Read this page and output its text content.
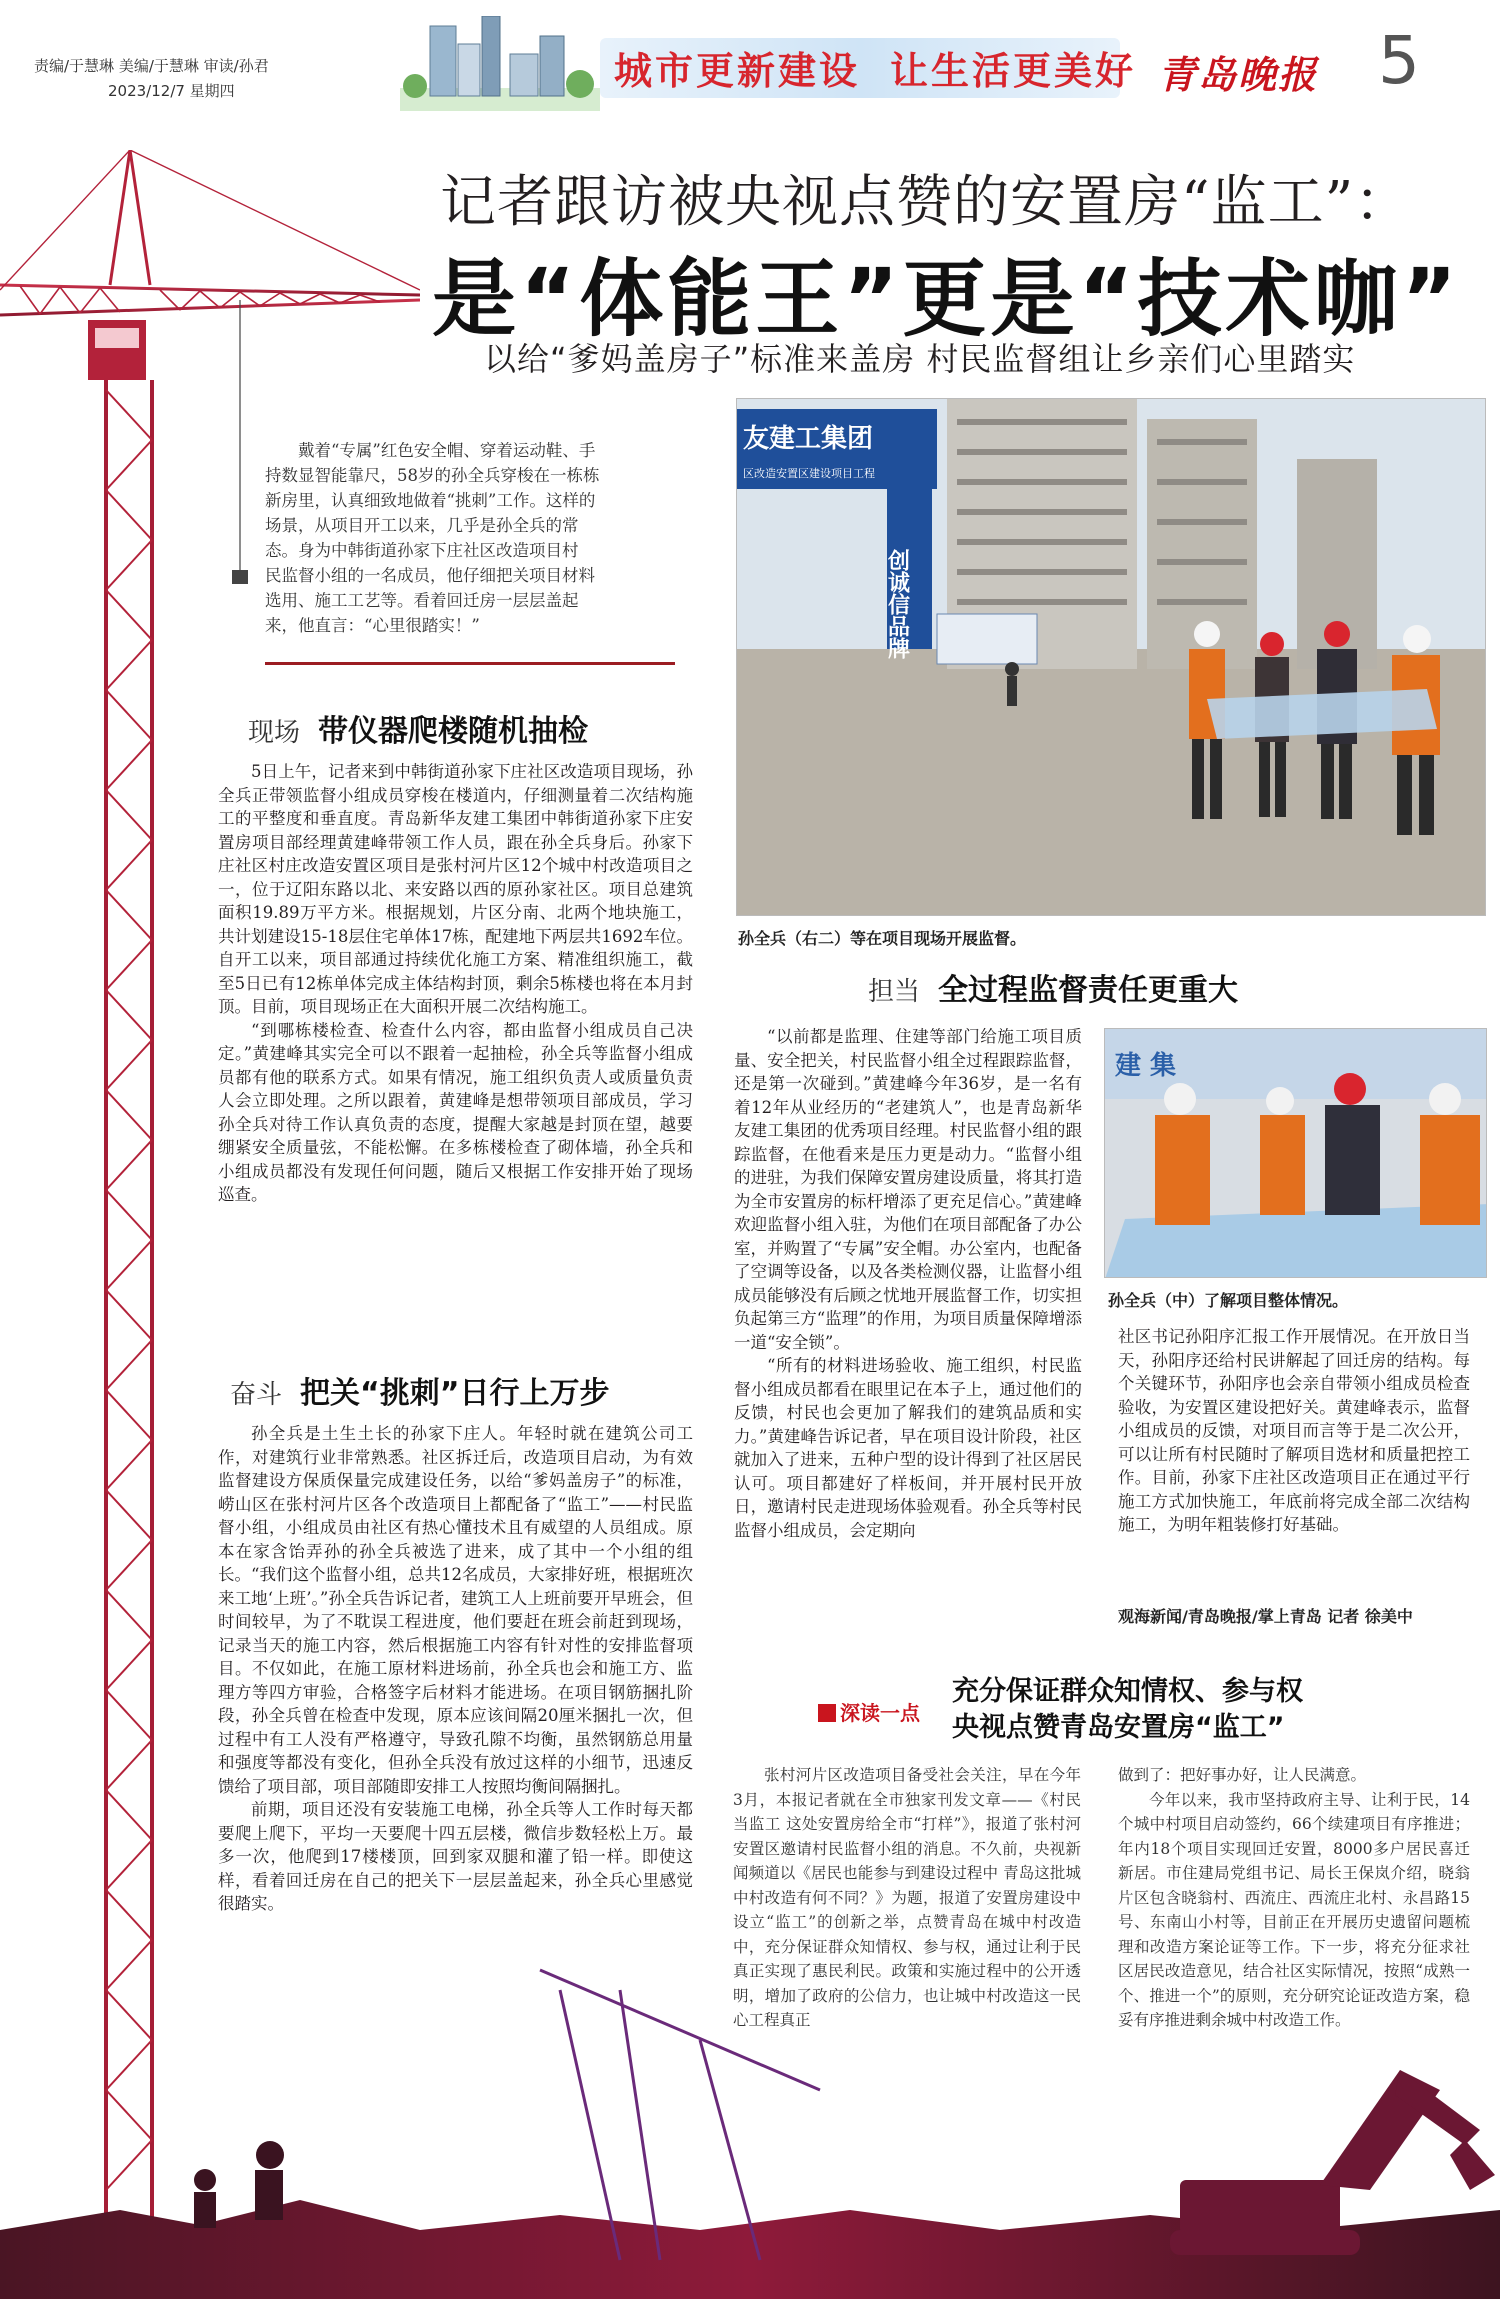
责编/于慧琳 美编/于慧琳 审读/孙君
2023/12/7 星期四	城市更新建设 让生活更美好 青岛晚报 5
记者跟访被央视点赞的安置房“监工”：
是“体能王”更是“技术咖”
以给“爹妈盖房子”标准来盖房 村民监督组让乡亲们心里踏实
戴着“专属”红色安全帽、穿着运动鞋、手
持数显智能靠尺，58岁的孙全兵穿梭在一栋栋
新房里，认真细致地做着“挑刺”工作。这样的
场景，从项目开工以来，几乎是孙全兵的常
态。身为中韩街道孙家下庄社区改造项目村
民监督小组的一名成员，他仔细把关项目材料
选用、施工工艺等。看着回迁房一层层盖起
来，他直言：“心里很踏实！”
现场 带仪器爬楼随机抽检

5日上午，记者来到中韩街道孙家下庄社区改造项目现场，孙全兵正带领监督小组成员穿梭在楼道内，仔细测量着二次结构施工的平整度和垂直度。青岛新华友建工集团中韩街道孙家下庄安置房项目部经理黄建峰带领工作人员，跟在孙全兵身后。孙家下庄社区村庄改造安置区项目是张村河片区12个城中村改造项目之一，位于辽阳东路以北、来安路以西的原孙家社区。项目总建筑面积19.89万平方米。根据规划，片区分南、北两个地块施工，共计划建设15-18层住宅单体17栋，配建地下两层共1692车位。自开工以来，项目部通过持续优化施工方案、精准组织施工，截至5日已有12栋单体完成主体结构封顶，剩余5栋楼也将在本月封顶。目前，项目现场正在大面积开展二次结构施工。

“到哪栋楼检查、检查什么内容，都由监督小组成员自己决定。”黄建峰其实完全可以不跟着一起抽检，孙全兵等监督小组成员都有他的联系方式。如果有情况，施工组织负责人或质量负责人会立即处理。之所以跟着，黄建峰是想带领项目部成员，学习孙全兵对待工作认真负责的态度，提醒大家越是封顶在望，越要绷紧安全质量弦，不能松懈。在多栋楼检查了砌体墙，孙全兵和小组成员都没有发现任何问题，随后又根据工作安排开始了现场巡查。

奋斗 把关“挑刺”日行上万步

孙全兵是土生土长的孙家下庄人。年轻时就在建筑公司工作，对建筑行业非常熟悉。社区拆迁后，改造项目启动，为有效监督建设方保质保量完成建设任务，以给“爹妈盖房子”的标准，崂山区在张村河片区各个改造项目上都配备了“监工”——村民监督小组，小组成员由社区有热心懂技术且有威望的人员组成。原本在家含饴弄孙的孙全兵被选了进来，成了其中一个小组的组长。“我们这个监督小组，总共12名成员，大家排好班，根据班次来工地‘上班’。”孙全兵告诉记者，建筑工人上班前要开早班会，但时间较早，为了不耽误工程进度，他们要赶在班会前赶到现场，记录当天的施工内容，然后根据施工内容有针对性的安排监督项目。不仅如此，在施工原材料进场前，孙全兵也会和施工方、监理方等四方审验，合格签字后材料才能进场。在项目钢筋捆扎阶段，孙全兵曾在检查中发现，原本应该间隔20厘米捆扎一次，但过程中有工人没有严格遵守，导致孔隙不均衡，虽然钢筋总用量和强度等都没有变化，但孙全兵没有放过这样的小细节，迅速反馈给了项目部，项目部随即安排工人按照均衡间隔捆扎。

前期，项目还没有安装施工电梯，孙全兵等人工作时每天都要爬上爬下，平均一天要爬十四五层楼，微信步数轻松上万。最多一次，他爬到17楼楼顶，回到家双腿和灌了铅一样。即使这样，看着回迁房在自己的把关下一层层盖起来，孙全兵心里感觉很踏实。

友建工集团
区改造安置区建设项目工程
创诚信品牌
孙全兵（右二）等在项目现场开展监督。
担当 全过程监督责任更重大

“以前都是监理、住建等部门给施工项目质量、安全把关，村民监督小组全过程跟踪监督，还是第一次碰到。”黄建峰今年36岁，是一名有着12年从业经历的“老建筑人”，也是青岛新华友建工集团的优秀项目经理。村民监督小组的跟踪监督，在他看来是压力更是动力。“监督小组的进驻，为我们保障安置房建设质量，将其打造为全市安置房的标杆增添了更充足信心。”黄建峰欢迎监督小组入驻，为他们在项目部配备了办公室，并购置了“专属”安全帽。办公室内，也配备了空调等设备，以及各类检测仪器，让监督小组成员能够没有后顾之忧地开展监督工作，切实担负起第三方“监理”的作用，为项目质量保障增添一道“安全锁”。

“所有的材料进场验收、施工组织，村民监督小组成员都看在眼里记在本子上，通过他们的反馈，村民也会更加了解我们的建筑品质和实力。”黄建峰告诉记者，早在项目设计阶段，社区就加入了进来，五种户型的设计得到了社区居民认可。项目都建好了样板间，并开展村民开放日，邀请村民走进现场体验观看。孙全兵等村民监督小组成员，会定期向

建 集
孙全兵（中）了解项目整体情况。

社区书记孙阳序汇报工作开展情况。在开放日当天，孙阳序还给村民讲解起了回迁房的结构。每个关键环节，孙阳序也会亲自带领小组成员检查验收，为安置区建设把好关。黄建峰表示，监督小组成员的反馈，对项目而言等于是二次公开，可以让所有村民随时了解项目选材和质量把控工作。目前，孙家下庄社区改造项目正在通过平行施工方式加快施工，年底前将完成全部二次结构施工，为明年粗装修打好基础。

观海新闻/青岛晚报/掌上青岛 记者 徐美中
深读一点
充分保证群众知情权、参与权
央视点赞青岛安置房“监工”

张村河片区改造项目备受社会关注，早在今年3月，本报记者就在全市独家刊发文章——《村民当监工 这处安置房给全市“打样”》，报道了张村河安置区邀请村民监督小组的消息。不久前，央视新闻频道以《居民也能参与到建设过程中 青岛这批城中村改造有何不同？》为题，报道了安置房建设中设立“监工”的创新之举，点赞青岛在城中村改造中，充分保证群众知情权、参与权，通过让利于民真正实现了惠民利民。政策和实施过程中的公开透明，增加了政府的公信力，也让城中村改造这一民心工程真正

做到了：把好事办好，让人民满意。

今年以来，我市坚持政府主导、让利于民，14个城中村项目启动签约，66个续建项目有序推进；年内18个项目实现回迁安置，8000多户居民喜迁新居。市住建局党组书记、局长王保岚介绍，晓翁片区包含晓翁村、西流庄、西流庄北村、永昌路15号、东南山小村等，目前正在开展历史遗留问题梳理和改造方案论证等工作。下一步，将充分征求社区居民改造意见，结合社区实际情况，按照“成熟一个、推进一个”的原则，充分研究论证改造方案，稳妥有序推进剩余城中村改造工作。
